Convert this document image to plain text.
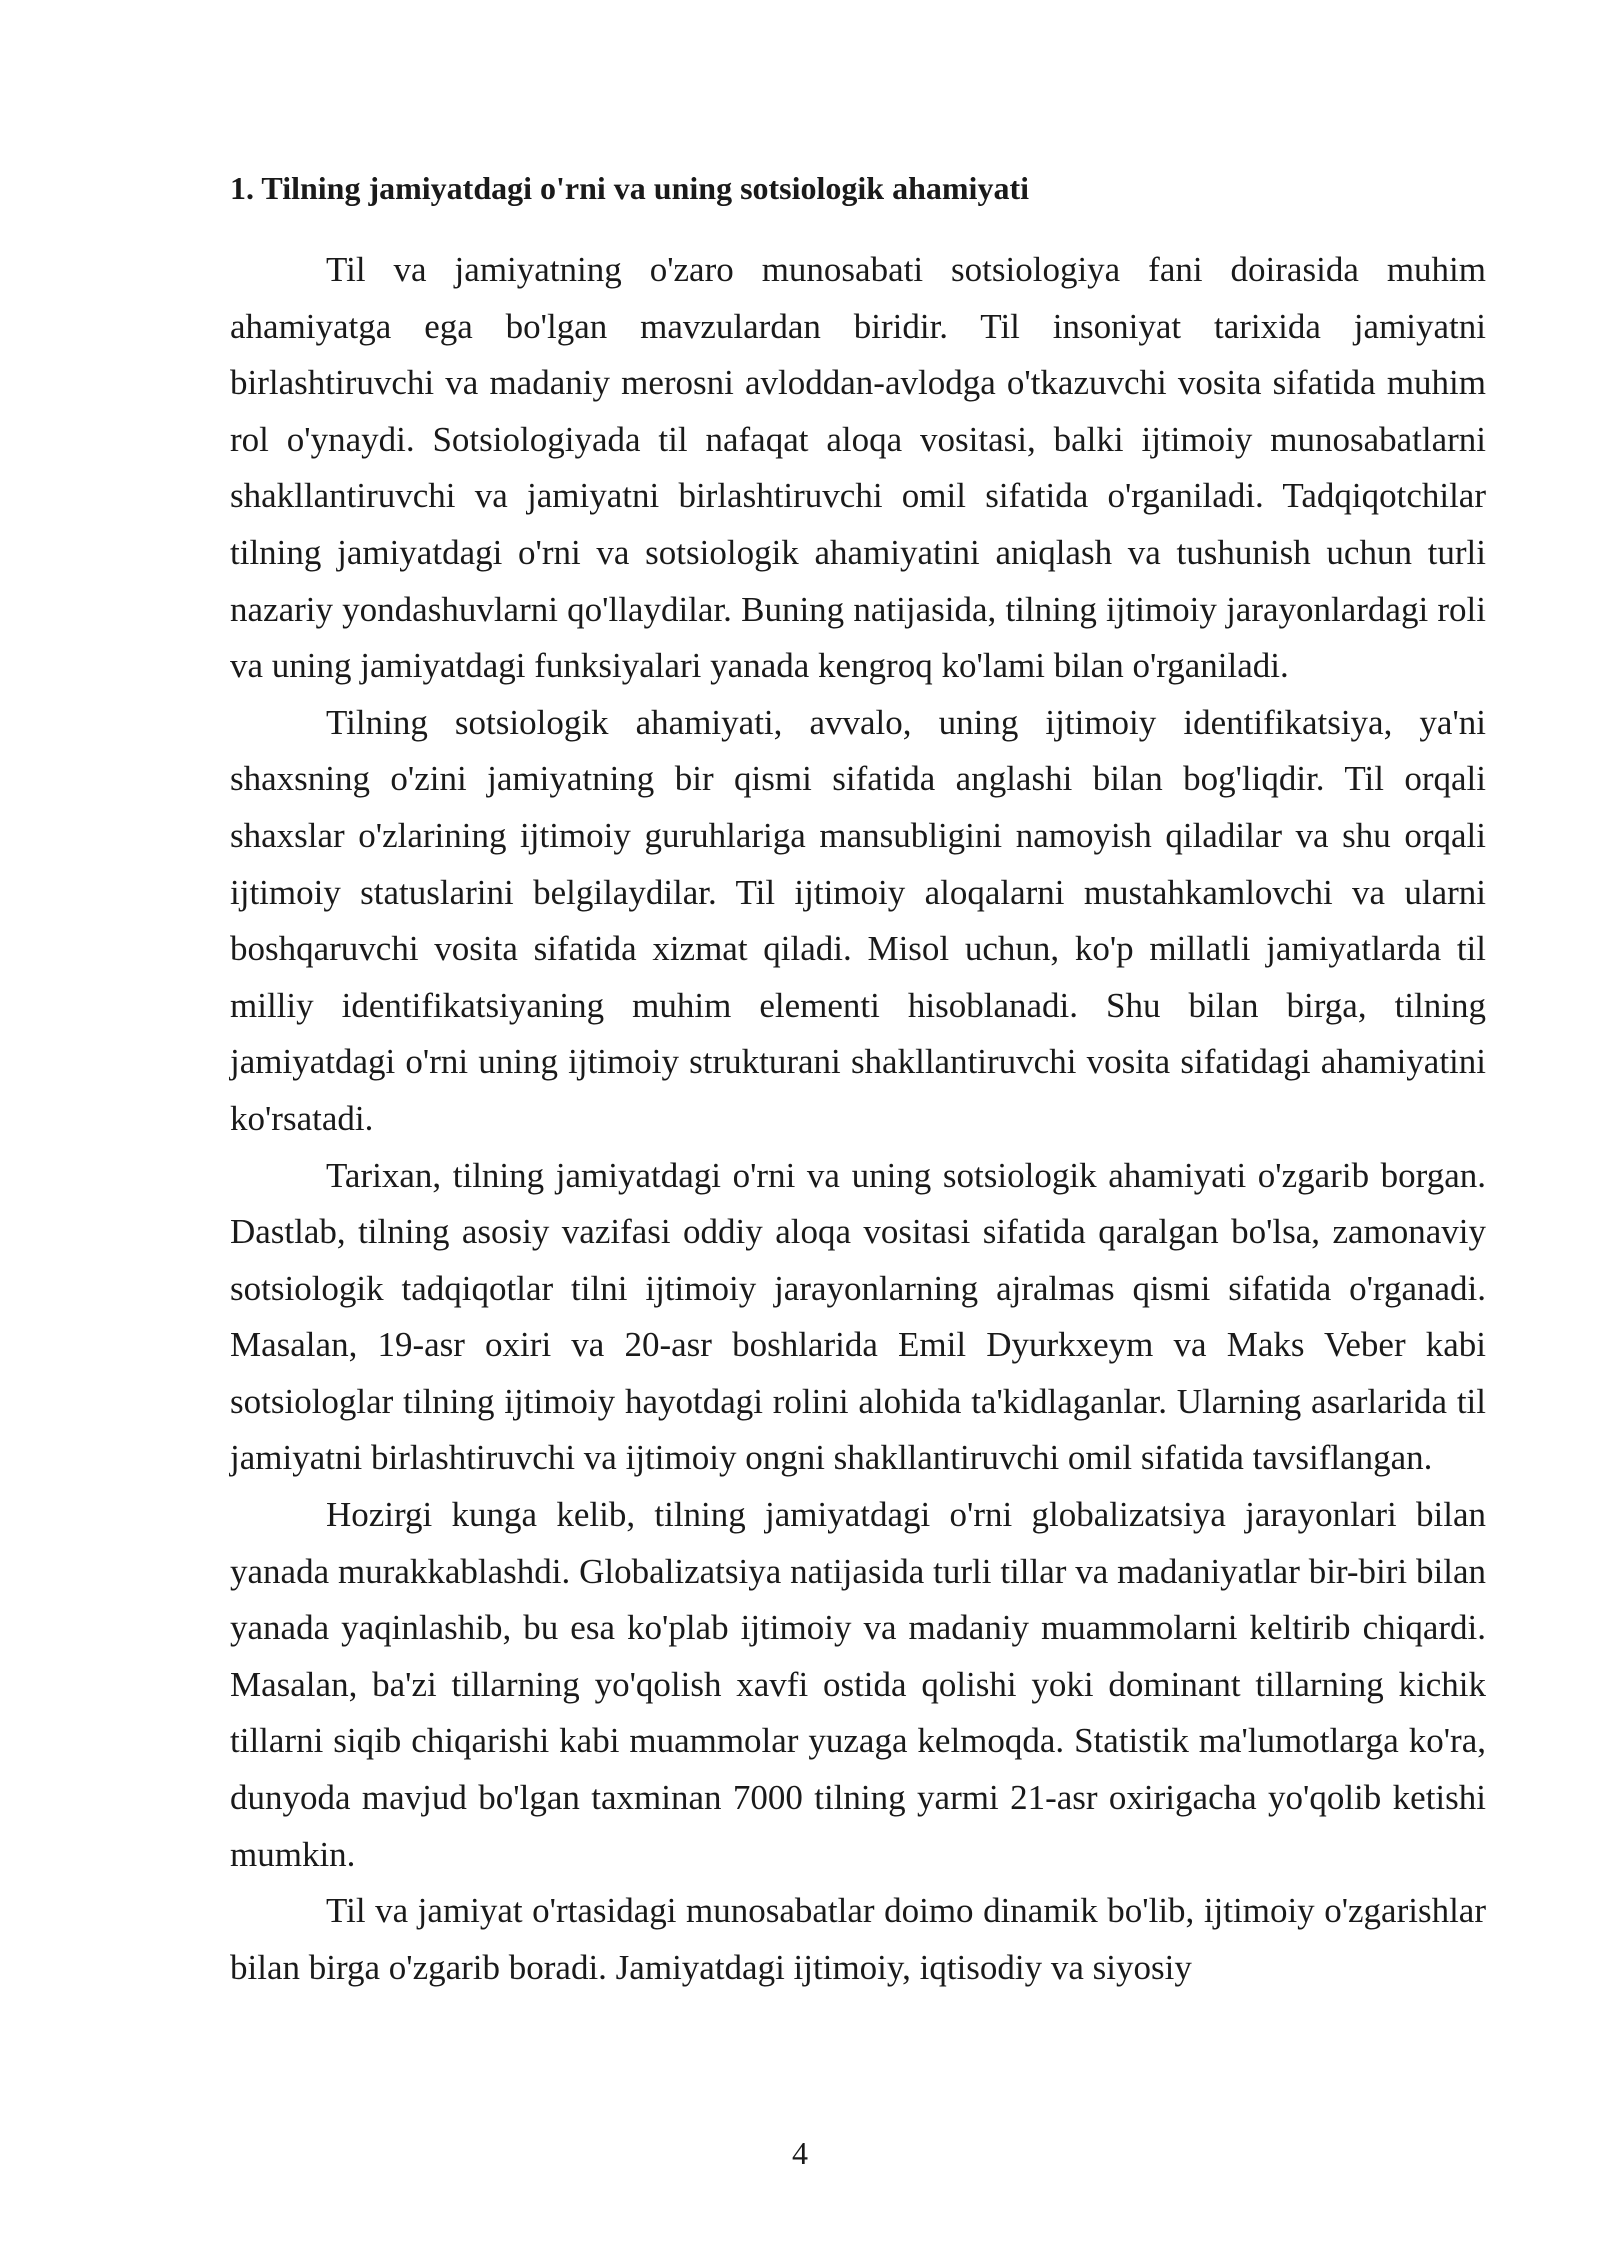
1. Tilning jamiyatdagi o'rni va uning sotsiologik ahamiyati

Til va jamiyatning o'zaro munosabati sotsiologiya fani doirasida muhim ahamiyatga ega bo'lgan mavzulardan biridir. Til insoniyat tarixida jamiyatni birlashtiruvchi va madaniy merosni avloddan-avlodga o'tkazuvchi vosita sifatida muhim rol o'ynaydi. Sotsiologiyada til nafaqat aloqa vositasi, balki ijtimoiy munosabatlarni shakllantiruvchi va jamiyatni birlashtiruvchi omil sifatida o'rganiladi. Tadqiqotchilar tilning jamiyatdagi o'rni va sotsiologik ahamiyatini aniqlash va tushunish uchun turli nazariy yondashuvlarni qo'llaydilar. Buning natijasida, tilning ijtimoiy jarayonlardagi roli va uning jamiyatdagi funksiyalari yanada kengroq ko'lami bilan o'rganiladi.

Tilning sotsiologik ahamiyati, avvalo, uning ijtimoiy identifikatsiya, ya'ni shaxsning o'zini jamiyatning bir qismi sifatida anglashi bilan bog'liqdir. Til orqali shaxslar o'zlarining ijtimoiy guruhlariga mansubligini namoyish qiladilar va shu orqali ijtimoiy statuslarini belgilaydilar. Til ijtimoiy aloqalarni mustahkamlovchi va ularni boshqaruvchi vosita sifatida xizmat qiladi. Misol uchun, ko'p millatli jamiyatlarda til milliy identifikatsiyaning muhim elementi hisoblanadi. Shu bilan birga, tilning jamiyatdagi o'rni uning ijtimoiy strukturani shakllantiruvchi vosita sifatidagi ahamiyatini ko'rsatadi.

Tarixan, tilning jamiyatdagi o'rni va uning sotsiologik ahamiyati o'zgarib borgan. Dastlab, tilning asosiy vazifasi oddiy aloqa vositasi sifatida qaralgan bo'lsa, zamonaviy sotsiologik tadqiqotlar tilni ijtimoiy jarayonlarning ajralmas qismi sifatida o'rganadi. Masalan, 19-asr oxiri va 20-asr boshlarida Emil Dyurkxeym va Maks Veber kabi sotsiologlar tilning ijtimoiy hayotdagi rolini alohida ta'kidlaganlar. Ularning asarlarida til jamiyatni birlashtiruvchi va ijtimoiy ongni shakllantiruvchi omil sifatida tavsiflangan.

Hozirgi kunga kelib, tilning jamiyatdagi o'rni globalizatsiya jarayonlari bilan yanada murakkablashdi. Globalizatsiya natijasida turli tillar va madaniyatlar bir-biri bilan yanada yaqinlashib, bu esa ko'plab ijtimoiy va madaniy muammolarni keltirib chiqardi. Masalan, ba'zi tillarning yo'qolish xavfi ostida qolishi yoki dominant tillarning kichik tillarni siqib chiqarishi kabi muammolar yuzaga kelmoqda. Statistik ma'lumotlarga ko'ra, dunyoda mavjud bo'lgan taxminan 7000 tilning yarmi 21-asr oxirigacha yo'qolib ketishi mumkin.

Til va jamiyat o'rtasidagi munosabatlar doimo dinamik bo'lib, ijtimoiy o'zgarishlar bilan birga o'zgarib boradi. Jamiyatdagi ijtimoiy, iqtisodiy va siyosiy

4
